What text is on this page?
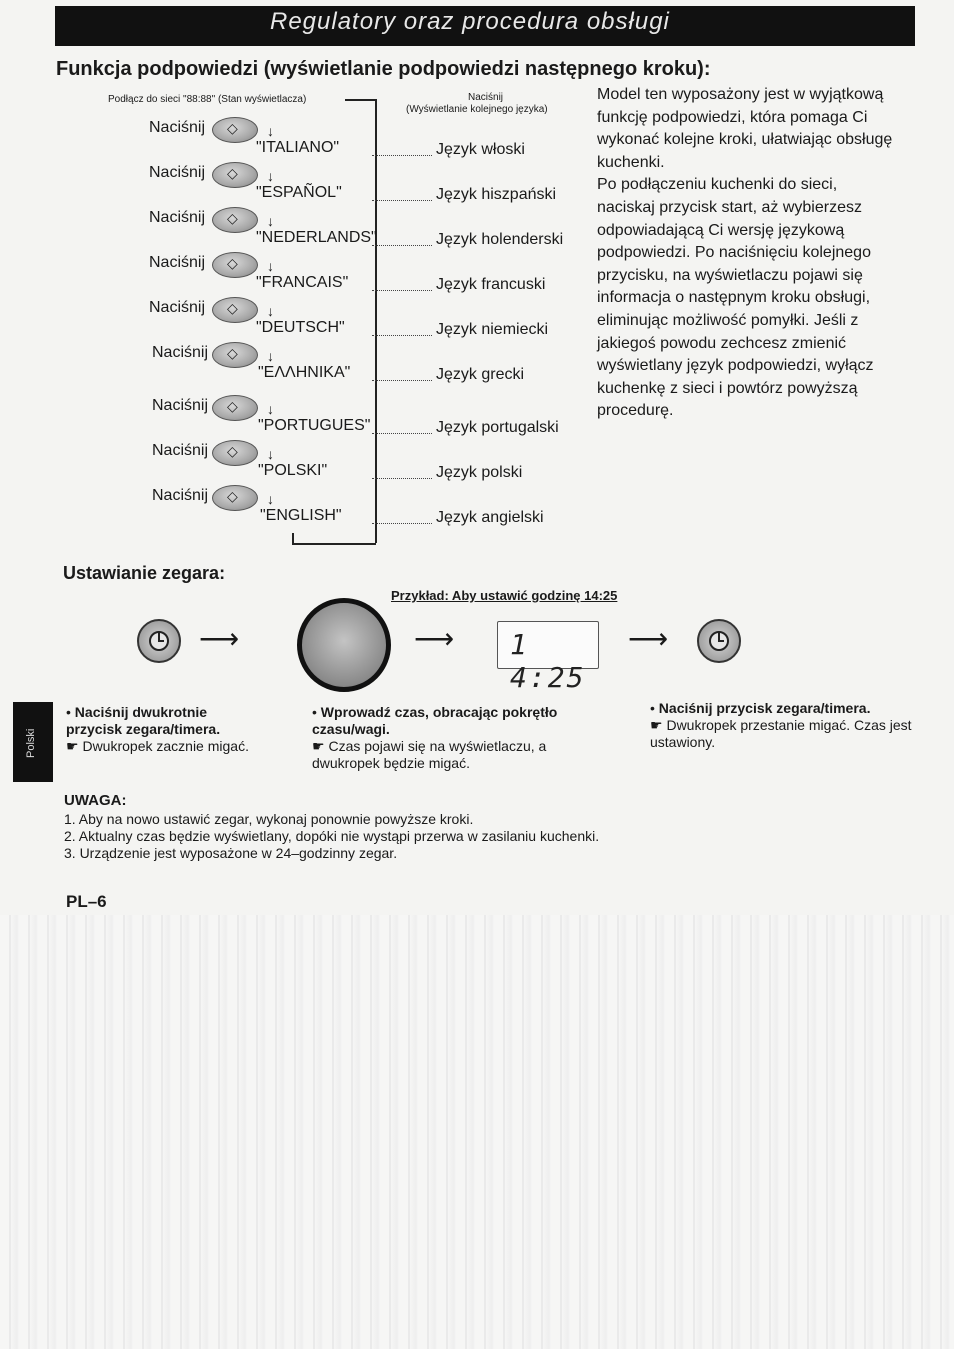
Regulatory oraz procedura obsługi
Funkcja podpowiedzi (wyświetlanie podpowiedzi następnego kroku):
Podłącz do sieci "88:88" (Stan wyświetlacza)	Naciśnij
(Wyświetlanie kolejnego języka)
Naciśnij ◇ ↓
"ITALIANO"	Język włoski
Naciśnij ◇ ↓
"ESPAÑOL"	Język hiszpański
Naciśnij ◇ ↓
"NEDERLANDS"	Język holenderski
Naciśnij ◇ ↓
"FRANCAIS"	Język francuski
Naciśnij ◇ ↓
"DEUTSCH"	Język niemiecki
Naciśnij ◇ ↓
"ΕΛΛΗΝΙΚΑ"	Język grecki
Naciśnij ◇ ↓
"PORTUGUES"	Język portugalski
Naciśnij ◇ ↓
"POLSKI"	Język polski
Naciśnij ◇ ↓
"ENGLISH"	Język angielski

Model ten wyposażony jest w wyjątkową funkcję podpowiedzi, która pomaga Ci wykonać kolejne kroki, ułatwiając obsługę kuchenki.

Po podłączeniu kuchenki do sieci, naciskaj przycisk start, aż wybierzesz odpowiadającą Ci wersję językową podpowiedzi. Po naciśnięciu kolejnego przycisku, na wyświetlaczu pojawi się informacja o następnym kroku obsługi, eliminując możliwość pomyłki. Jeśli z jakiegoś powodu zechcesz zmienić wyświetlany język podpowiedzi, wyłącz kuchenkę z sieci i powtórz powyższą procedurę.

Ustawianie zegara:
Przykład: Aby ustawić godzinę 14:25
⟶	⟶ 1 4:25
⟶
• Naciśnij dwukrotnie przycisk zegara/timera.
☛ Dwukropek zacznie migać.
• Wprowadź czas, obracając pokrętło czasu/wagi.
☛ Czas pojawi się na wyświetlaczu, a dwukropek będzie migać.
• Naciśnij przycisk zegara/timera.
☛ Dwukropek przestanie migać. Czas jest ustawiony.
Polski
UWAGA:
1. Aby na nowo ustawić zegar, wykonaj ponownie powyższe kroki.
2. Aktualny czas będzie wyświetlany, dopóki nie wystąpi przerwa w zasilaniu kuchenki.
3. Urządzenie jest wyposażone w 24–godzinny zegar.
PL–6
